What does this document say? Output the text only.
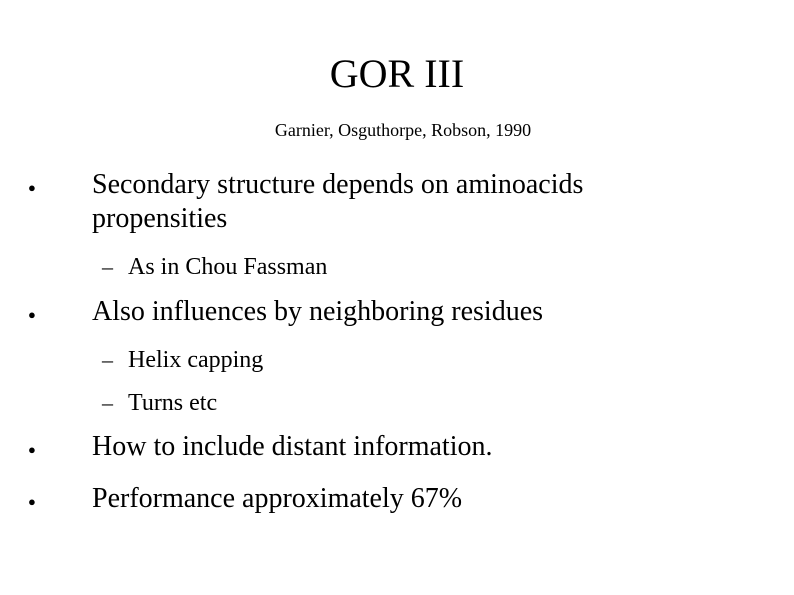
GOR III
Garnier, Osguthorpe, Robson, 1990
● Secondary structure depends on aminoacids
propensities
– As in Chou Fassman
● Also influences by neighboring residues
– Helix capping
– Turns etc
● How to include distant information.
● Performance approximately 67%
